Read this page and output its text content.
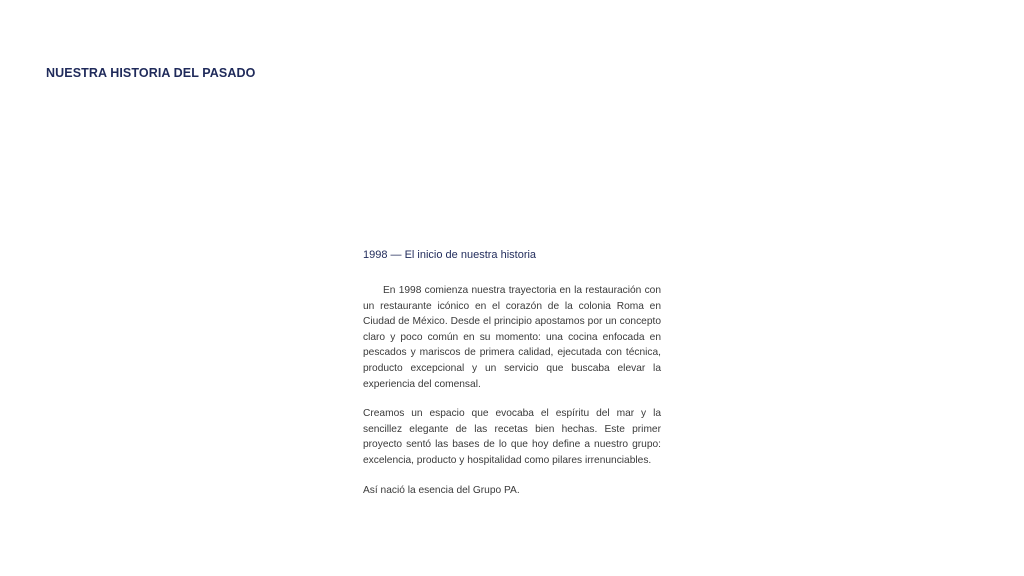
NUESTRA HISTORIA DEL PASADO
1998 — El inicio de nuestra historia

En 1998 comienza nuestra trayectoria en la restauración con un restaurante icónico en el corazón de la colonia Roma en Ciudad de México. Desde el principio apostamos por un concepto claro y poco común en su momento: una cocina enfocada en pescados y mariscos de primera calidad, ejecutada con técnica, producto excepcional y un servicio que buscaba elevar la experiencia del comensal.

Creamos un espacio que evocaba el espíritu del mar y la sencillez elegante de las recetas bien hechas. Este primer proyecto sentó las bases de lo que hoy define a nuestro grupo: excelencia, producto y hospitalidad como pilares irrenunciables.

Así nació la esencia del Grupo PA.
